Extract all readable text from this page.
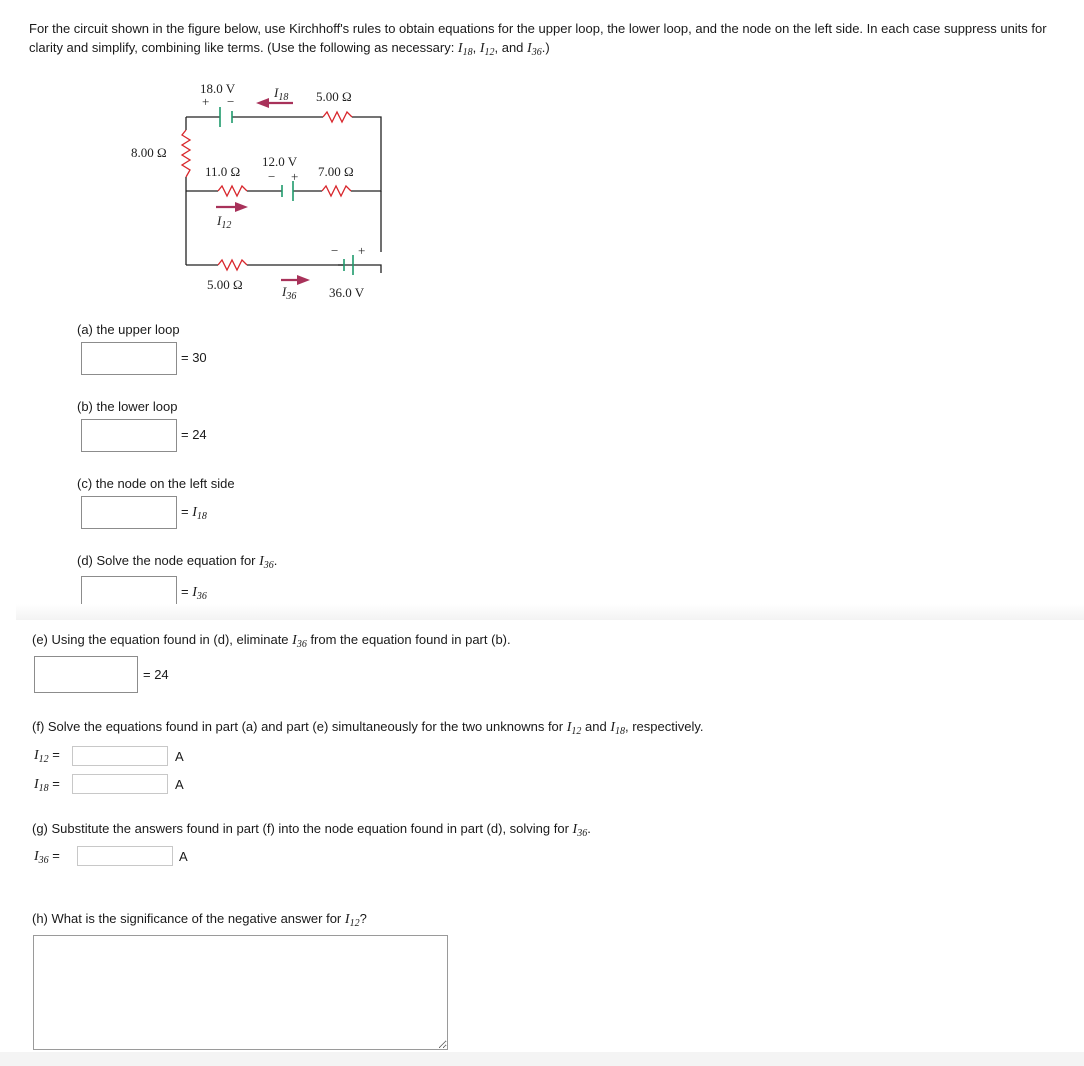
For the circuit shown in the figure below, use Kirchhoff's rules to obtain equations for the upper loop, the lower loop, and the node on the left side. In each case suppress units for clarity and simplify, combining like terms. (Use the following as necessary: $I_{18}$, $I_{12}$, and $I_{36}$.)
18.0 V
+ −
$I_{18}$ 5.00 Ω
8.00 Ω
11.0 Ω
12.0 V
− + 7.00 Ω
$I_{12}$
− +
5.00 Ω	$I_{36}$	36.0 V
(a) the upper loop
= 30
(b) the lower loop
= 24
(c) the node on the left side
= $I_{18}$
(d) Solve the node equation for $I_{36}$.
= $I_{36}$
(e) Using the equation found in (d), eliminate $I_{36}$ from the equation found in part (b).
= 24
(f) Solve the equations found in part (a) and part (e) simultaneously for the two unknowns for $I_{12}$ and $I_{18}$, respectively.
$I_{12}$ =	A
$I_{18}$ =	A
(g) Substitute the answers found in part (f) into the node equation found in part (d), solving for $I_{36}$.
$I_{36}$ =	A
(h) What is the significance of the negative answer for $I_{12}$?
